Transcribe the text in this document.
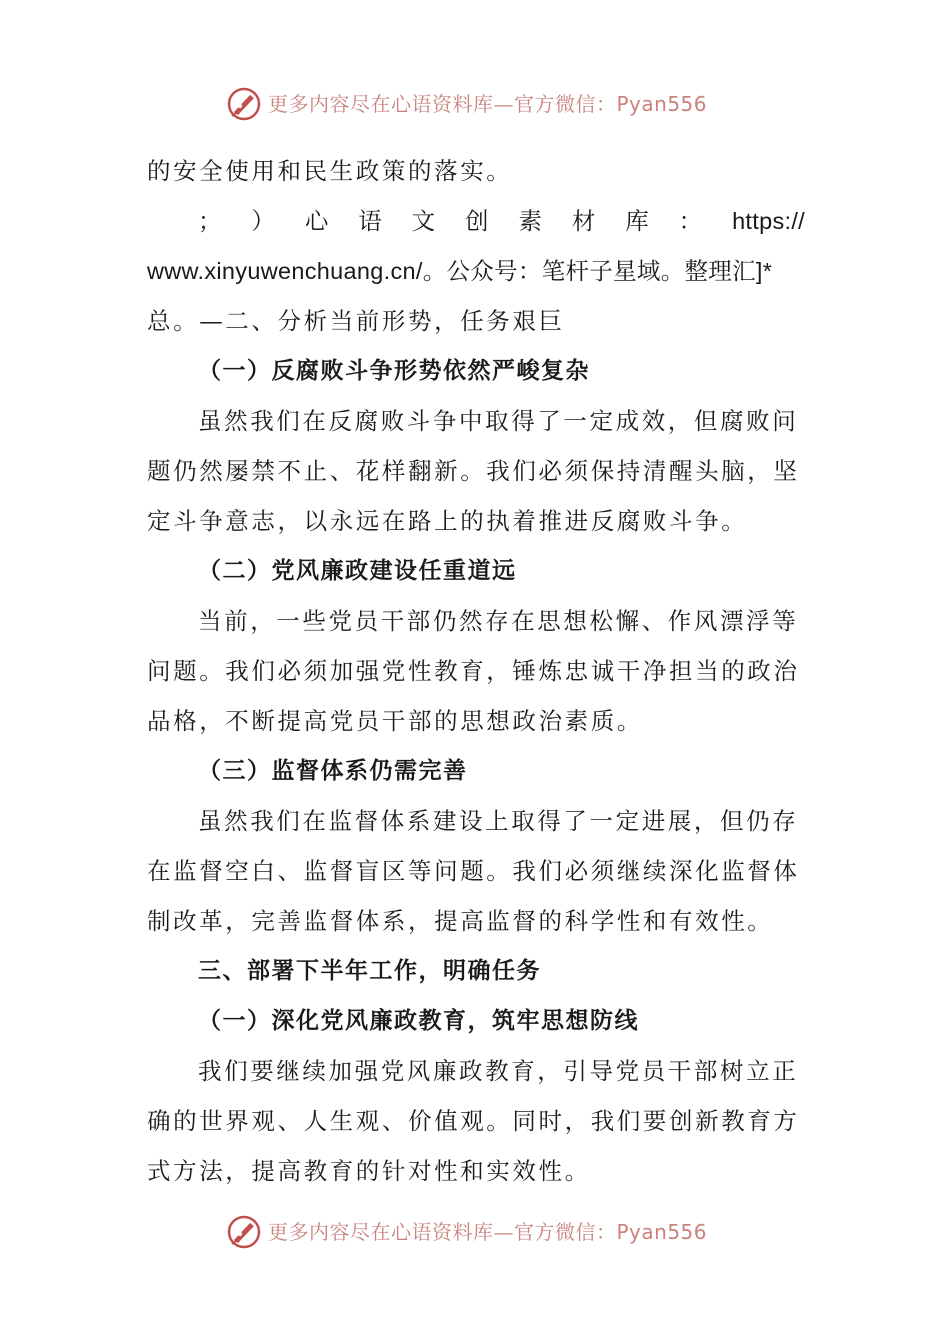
更多内容尽在心语资料库—官方微信：Pyan556
的安全使用和民生政策的落实。
； ） 心 语 文 创 素 材 库 ： https://
www.xinyuwenchuang.cn/。公众号：笔杆子星域。整理汇]*
总。—二、分析当前形势，任务艰巨
（一）反腐败斗争形势依然严峻复杂
虽然我们在反腐败斗争中取得了一定成效，但腐败问
题仍然屡禁不止、花样翻新。我们必须保持清醒头脑，坚
定斗争意志，以永远在路上的执着推进反腐败斗争。
（二）党风廉政建设任重道远
当前，一些党员干部仍然存在思想松懈、作风漂浮等
问题。我们必须加强党性教育，锤炼忠诚干净担当的政治
品格，不断提高党员干部的思想政治素质。
（三）监督体系仍需完善
虽然我们在监督体系建设上取得了一定进展，但仍存
在监督空白、监督盲区等问题。我们必须继续深化监督体
制改革，完善监督体系，提高监督的科学性和有效性。
三、部署下半年工作，明确任务
（一）深化党风廉政教育，筑牢思想防线
我们要继续加强党风廉政教育，引导党员干部树立正
确的世界观、人生观、价值观。同时，我们要创新教育方
式方法，提高教育的针对性和实效性。
更多内容尽在心语资料库—官方微信：Pyan556
